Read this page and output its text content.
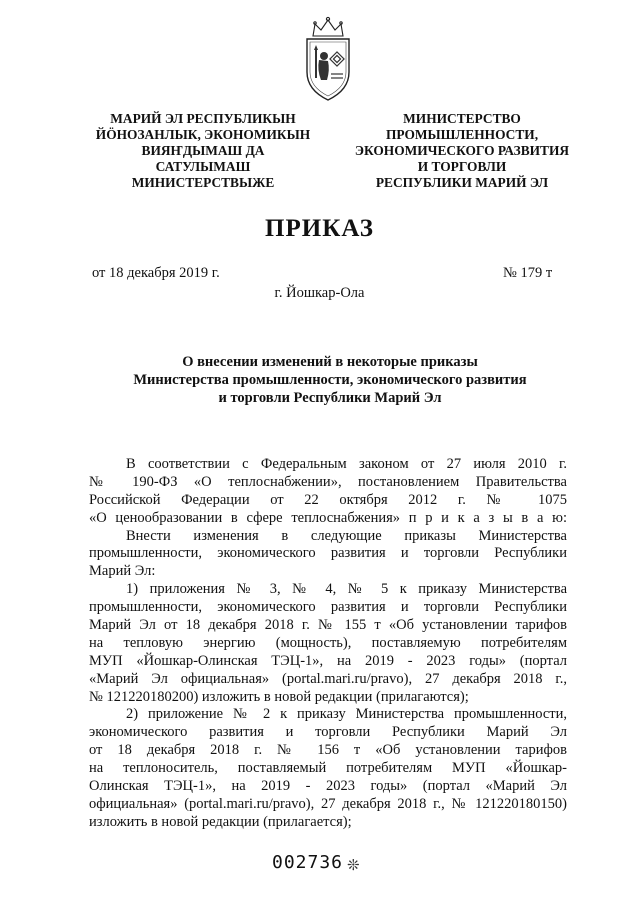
МАРИЙ ЭЛ РЕСПУБЛИКЫН
ЙӦНОЗАНЛЫК, ЭКОНОМИКЫН
ВИЯҤДЫМАШ ДА
САТУЛЫМАШ
МИНИСТЕРСТВЫЖЕ
МИНИСТЕРСТВО
ПРОМЫШЛЕННОСТИ,
ЭКОНОМИЧЕСКОГО РАЗВИТИЯ
И ТОРГОВЛИ
РЕСПУБЛИКИ МАРИЙ ЭЛ
ПРИКАЗ
от 18 декабря 2019 г.	№ 179 т
г. Йошкар-Ола
О внесении изменений в некоторые приказы
Министерства промышленности, экономического развития
и торговли Республики Марий Эл
В соответствии с Федеральным законом от 27 июля 2010 г.
№ 190-ФЗ «О теплоснабжении», постановлением Правительства
Российской Федерации от 22 октября 2012 г. № 1075
«О ценообразовании в сфере теплоснабжения» п р и к а з ы в а ю:
Внести изменения в следующие приказы Министерства
промышленности, экономического развития и торговли Республики
Марий Эл:
1) приложения № 3, № 4, № 5 к приказу Министерства
промышленности, экономического развития и торговли Республики
Марий Эл от 18 декабря 2018 г. № 155 т «Об установлении тарифов
на тепловую энергию (мощность), поставляемую потребителям
МУП «Йошкар-Олинская ТЭЦ-1», на 2019 - 2023 годы» (портал
«Марий Эл официальная» (portal.mari.ru/pravo), 27 декабря 2018 г.,
№ 121220180200) изложить в новой редакции (прилагаются);
2) приложение № 2 к приказу Министерства промышленности,
экономического развития и торговли Республики Марий Эл
от 18 декабря 2018 г. № 156 т «Об установлении тарифов
на теплоноситель, поставляемый потребителям МУП «Йошкар-
Олинская ТЭЦ-1», на 2019 - 2023 годы» (портал «Марий Эл
официальная» (portal.mari.ru/pravo), 27 декабря 2018 г., № 121220180150)
изложить в новой редакции (прилагается);
002736 ❊
